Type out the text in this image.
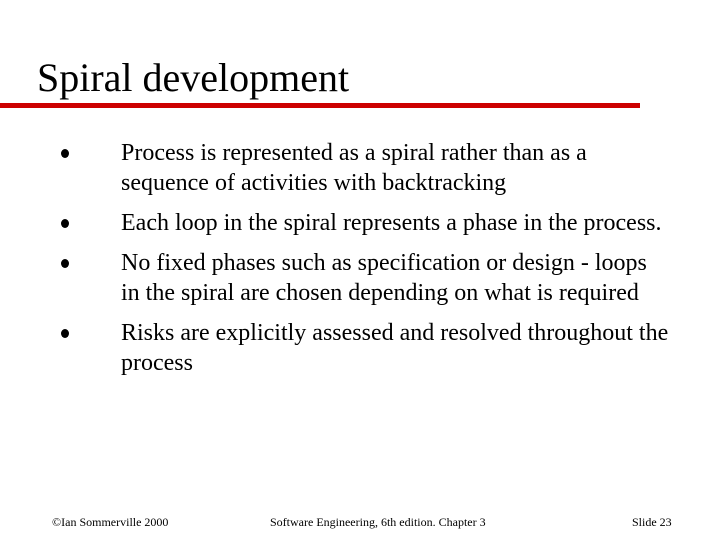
Spiral development
Process is represented as a spiral rather than as a sequence of activities with backtracking
Each loop in the spiral represents a phase in the process.
No fixed phases such as specification or design - loops in the spiral are chosen depending on what is required
Risks are explicitly assessed and resolved throughout the process
©Ian Sommerville 2000	Software Engineering, 6th edition. Chapter 3	Slide 23
